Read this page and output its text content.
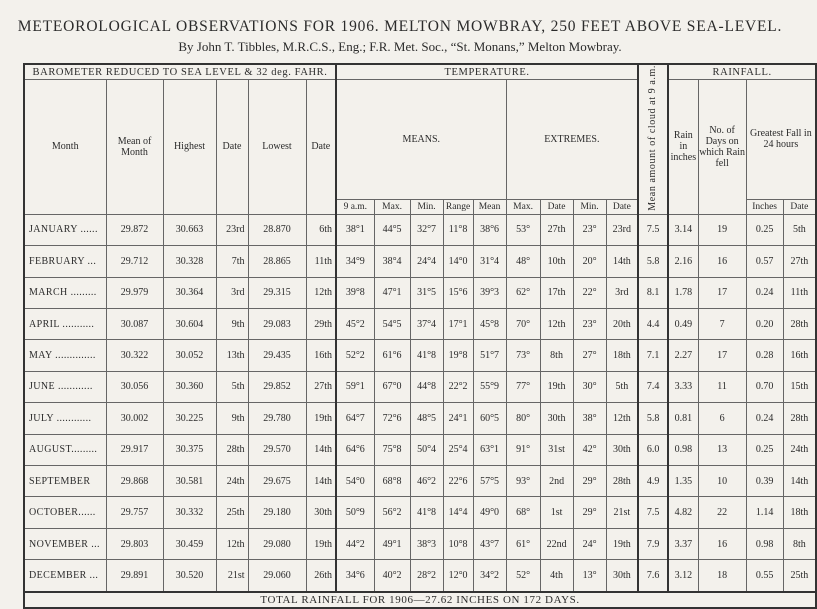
METEOROLOGICAL OBSERVATIONS FOR 1906. MELTON MOWBRAY, 250 FEET ABOVE SEA-LEVEL.
By John T. Tibbles, M.R.C.S., Eng.; F.R. Met. Soc., “St. Monans,” Melton Mowbray.
BAROMETER REDUCED TO SEA LEVEL & 32 deg. FAHR.						TEMPERATURE.									Mean amount of cloud at 9 a.m.	RAINFALL.			
Month	Mean of Month	Highest	Date	Lowest	Date	MEANS.					EXTREMES.					Rain in inches	No. of Days on which Rain fell	Greatest Fall in 24 hours	
						9 a.m.	Max.	Min.	Range	Mean	Max.	Date	Min.	Date				Inches	Date
JANUARY ......	29.872	30.663	23rd	28.870	6th	38°1	44°5	32°7	11°8	38°6	53°	27th	23°	23rd	7.5	3.14	19	0.25	5th
FEBRUARY ...	29.712	30.328	7th	28.865	11th	34°9	38°4	24°4	14°0	31°4	48°	10th	20°	14th	5.8	2.16	16	0.57	27th
MARCH .........	29.979	30.364	3rd	29.315	12th	39°8	47°1	31°5	15°6	39°3	62°	17th	22°	3rd	8.1	1.78	17	0.24	11th
APRIL ...........	30.087	30.604	9th	29.083	29th	45°2	54°5	37°4	17°1	45°8	70°	12th	23°	20th	4.4	0.49	7	0.20	28th
MAY ..............	30.322	30.052	13th	29.435	16th	52°2	61°6	41°8	19°8	51°7	73°	8th	27°	18th	7.1	2.27	17	0.28	16th
JUNE ............	30.056	30.360	5th	29.852	27th	59°1	67°0	44°8	22°2	55°9	77°	19th	30°	5th	7.4	3.33	11	0.70	15th
JULY ............	30.002	30.225	9th	29.780	19th	64°7	72°6	48°5	24°1	60°5	80°	30th	38°	12th	5.8	0.81	6	0.24	28th
AUGUST.........	29.917	30.375	28th	29.570	14th	64°6	75°8	50°4	25°4	63°1	91°	31st	42°	30th	6.0	0.98	13	0.25	24th
SEPTEMBER	29.868	30.581	24th	29.675	14th	54°0	68°8	46°2	22°6	57°5	93°	2nd	29°	28th	4.9	1.35	10	0.39	14th
OCTOBER......	29.757	30.332	25th	29.180	30th	50°9	56°2	41°8	14°4	49°0	68°	1st	29°	21st	7.5	4.82	22	1.14	18th
NOVEMBER ...	29.803	30.459	12th	29.080	19th	44°2	49°1	38°3	10°8	43°7	61°	22nd	24°	19th	7.9	3.37	16	0.98	8th
DECEMBER ...	29.891	30.520	21st	29.060	26th	34°6	40°2	28°2	12°0	34°2	52°	4th	13°	30th	7.6	3.12	18	0.55	25th
TOTAL RAINFALL FOR 1906—27.62 INCHES ON 172 DAYS.																			
